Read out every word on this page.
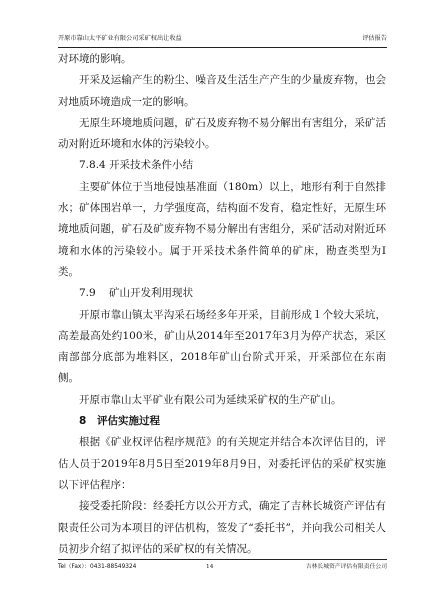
开原市靠山太平矿业有限公司采矿权出让收益	评估报告

对环境的影响。

开采及运输产生的粉尘、噪音及生活生产产生的少量废弃物，也会对地质环境造成一定的影响。

无原生环境地质问题，矿石及废弃物不易分解出有害组分，采矿活动对附近环境和水体的污染较小。

7.8.4 开采技术条件小结

主要矿体位于当地侵蚀基准面（180m）以上，地形有利于自然排水；矿体围岩单一，力学强度高，结构面不发育，稳定性好，无原生环境地质问题，矿石及矿废弃物不易分解出有害组分，采矿活动对附近环境和水体的污染较小。属于开采技术条件简单的矿床，勘查类型为Ⅰ类。

7.9 矿山开发利用现状

开原市靠山镇太平沟采石场经多年开采，目前形成１个较大采坑，高差最高处约100米，矿山从2014年至2017年3月为停产状态，采区南部部分底部为堆料区，2018年矿山台阶式开采，开采部位在东南侧。

开原市靠山太平矿业有限公司为延续采矿权的生产矿山。

8 评估实施过程

根据《矿业权评估程序规范》的有关规定并结合本次评估目的，评估人员于2019年8月5日至2019年8月9日，对委托评估的采矿权实施以下评估程序：

接受委托阶段：经委托方以公开方式，确定了吉林长城资产评估有限责任公司为本项目的评估机构，签发了“委托书”，并向我公司相关人员初步介绍了拟评估的采矿权的有关情况。

Tel（Fax）：0431-88549324	14	吉林长城资产评估有限责任公司
